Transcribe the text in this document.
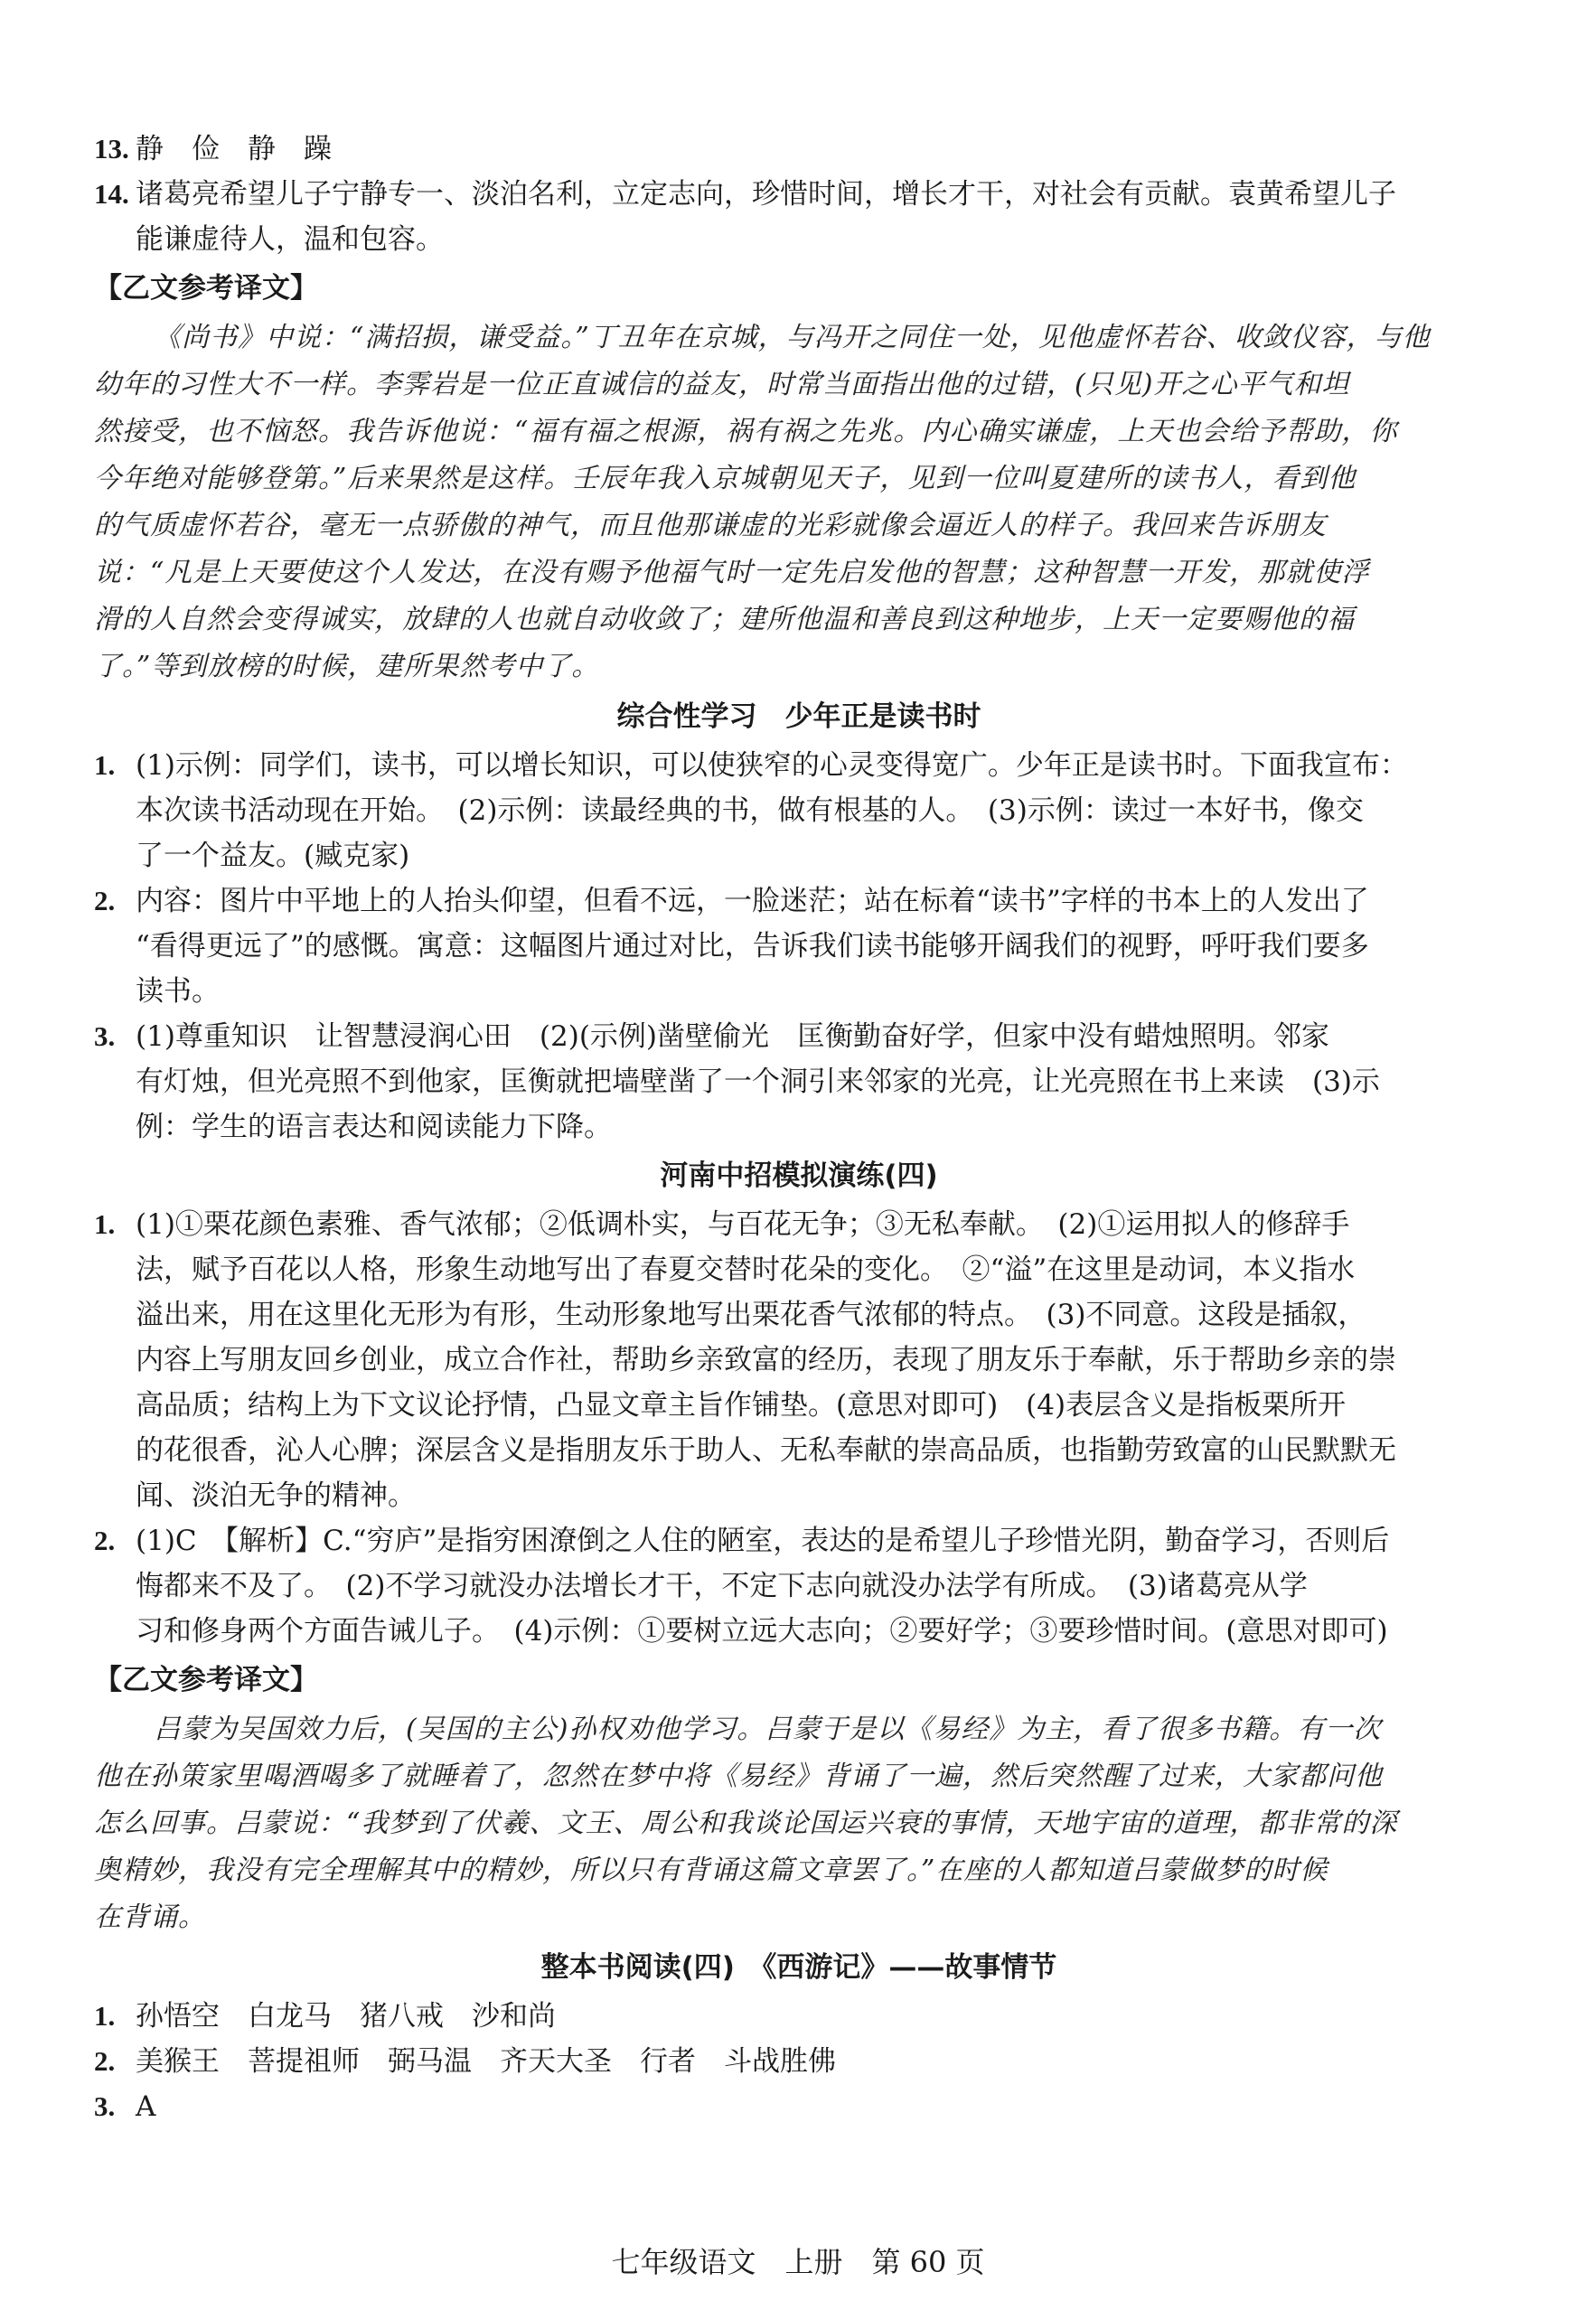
13. 静　俭　静　躁
14. 诸葛亮希望儿子宁静专一、淡泊名利，立定志向，珍惜时间，增长才干，对社会有贡献。袁黄希望儿子
能谦虚待人，温和包容。
【乙文参考译文】
《尚书》中说：“满招损，谦受益。”丁丑年在京城，与冯开之同住一处，见他虚怀若谷、收敛仪容，与他
幼年的习性大不一样。李霁岩是一位正直诚信的益友，时常当面指出他的过错，(只见)开之心平气和坦
然接受，也不恼怒。我告诉他说：“福有福之根源，祸有祸之先兆。内心确实谦虚，上天也会给予帮助，你
今年绝对能够登第。”后来果然是这样。壬辰年我入京城朝见天子，见到一位叫夏建所的读书人，看到他
的气质虚怀若谷，毫无一点骄傲的神气，而且他那谦虚的光彩就像会逼近人的样子。我回来告诉朋友
说：“凡是上天要使这个人发达，在没有赐予他福气时一定先启发他的智慧；这种智慧一开发，那就使浮
滑的人自然会变得诚实，放肆的人也就自动收敛了；建所他温和善良到这种地步，上天一定要赐他的福
了。”等到放榜的时候，建所果然考中了。
综合性学习　少年正是读书时
1. (1)示例：同学们，读书，可以增长知识，可以使狭窄的心灵变得宽广。少年正是读书时。下面我宣布：
本次读书活动现在开始。　(2)示例：读最经典的书，做有根基的人。　(3)示例：读过一本好书，像交
了一个益友。(臧克家)
2. 内容：图片中平地上的人抬头仰望，但看不远，一脸迷茫；站在标着“读书”字样的书本上的人发出了
“看得更远了”的感慨。寓意：这幅图片通过对比，告诉我们读书能够开阔我们的视野，呼吁我们要多
读书。
3. (1)尊重知识　让智慧浸润心田　(2)(示例)凿壁偷光　匡衡勤奋好学，但家中没有蜡烛照明。邻家
有灯烛，但光亮照不到他家，匡衡就把墙壁凿了一个洞引来邻家的光亮，让光亮照在书上来读　(3)示
例：学生的语言表达和阅读能力下降。
河南中招模拟演练(四)
1. (1)①栗花颜色素雅、香气浓郁；②低调朴实，与百花无争；③无私奉献。　(2)①运用拟人的修辞手
法，赋予百花以人格，形象生动地写出了春夏交替时花朵的变化。　②“溢”在这里是动词，本义指水
溢出来，用在这里化无形为有形，生动形象地写出栗花香气浓郁的特点。　(3)不同意。这段是插叙，
内容上写朋友回乡创业，成立合作社，帮助乡亲致富的经历，表现了朋友乐于奉献，乐于帮助乡亲的崇
高品质；结构上为下文议论抒情，凸显文章主旨作铺垫。(意思对即可)　(4)表层含义是指板栗所开
的花很香，沁人心脾；深层含义是指朋友乐于助人、无私奉献的崇高品质，也指勤劳致富的山民默默无
闻、淡泊无争的精神。
2. (1)C　【解析】C.“穷庐”是指穷困潦倒之人住的陋室，表达的是希望儿子珍惜光阴，勤奋学习，否则后
悔都来不及了。　(2)不学习就没办法增长才干，不定下志向就没办法学有所成。　(3)诸葛亮从学
习和修身两个方面告诫儿子。　(4)示例：①要树立远大志向；②要好学；③要珍惜时间。(意思对即可)
【乙文参考译文】
吕蒙为吴国效力后，(吴国的主公)孙权劝他学习。吕蒙于是以《易经》为主，看了很多书籍。有一次
他在孙策家里喝酒喝多了就睡着了，忽然在梦中将《易经》背诵了一遍，然后突然醒了过来，大家都问他
怎么回事。吕蒙说：“我梦到了伏羲、文王、周公和我谈论国运兴衰的事情，天地宇宙的道理，都非常的深
奥精妙，我没有完全理解其中的精妙，所以只有背诵这篇文章罢了。”在座的人都知道吕蒙做梦的时候
在背诵。
整本书阅读(四)　《西游记》——故事情节
1. 孙悟空　白龙马　猪八戒　沙和尚
2. 美猴王　菩提祖师　弼马温　齐天大圣　行者　斗战胜佛
3. A
七年级语文　上册　第 60 页
